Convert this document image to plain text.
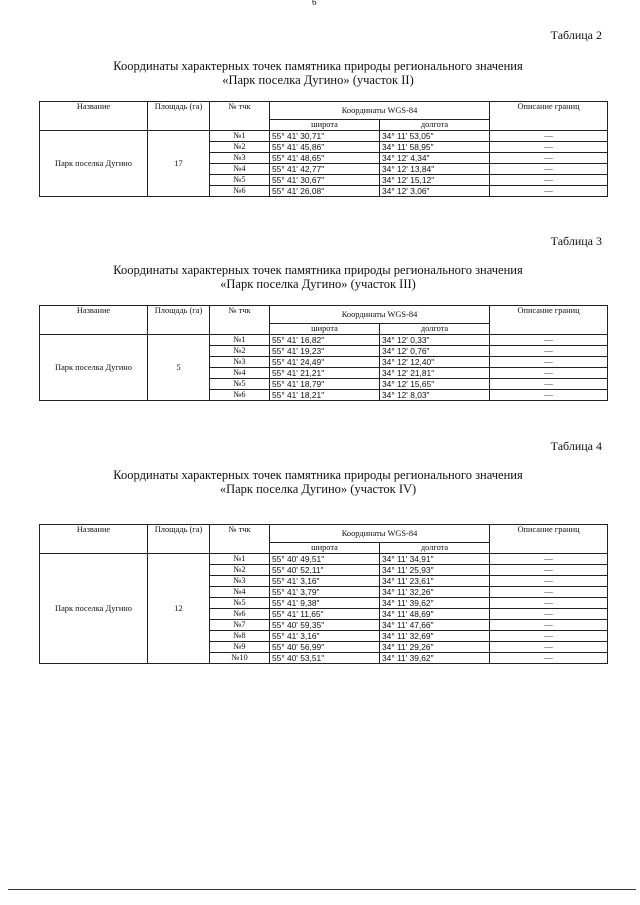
6
Таблица 2
Координаты характерных точек памятника природы регионального значения
«Парк поселка Дугино» (участок II)
Название	Площадь (га)	№ тчк	Координаты WGS-84		Описание границ
			широта	долгота	
Парк поселка Дугино	17	№1	55° 41' 30,71"	34° 11' 53,05"	—
		№2	55° 41' 45,86"	34° 11' 58,95"	—
		№3	55° 41' 48,65"	34° 12' 4,34"	—
		№4	55° 41' 42,77"	34° 12' 13,84"	—
		№5	55° 41' 30,67"	34° 12' 15,12"	—
		№6	55° 41' 26,08"	34° 12' 3,06"	—
Таблица 3
Координаты характерных точек памятника природы регионального значения
«Парк поселка Дугино» (участок III)
Название	Площадь (га)	№ тчк	Координаты WGS-84		Описание границ
			широта	долгота	
Парк поселка Дугино	5	№1	55° 41' 16,82"	34° 12' 0,33"	—
		№2	55° 41' 19,23"	34° 12' 0,76"	—
		№3	55° 41' 24,49"	34° 12' 12,40"	—
		№4	55° 41' 21,21"	34° 12' 21,81"	—
		№5	55° 41' 18,79"	34° 12' 15,65"	—
		№6	55° 41' 18,21"	34° 12' 8,03"	—
Таблица 4
Координаты характерных точек памятника природы регионального значения
«Парк поселка Дугино» (участок IV)
Название	Площадь (га)	№ тчк	Координаты WGS-84		Описание границ
			широта	долгота	
Парк поселка Дугино	12	№1	55° 40' 49,51"	34° 11' 34,91"	—
		№2	55° 40' 52,11"	34° 11' 25,93"	—
		№3	55° 41' 3,16"	34° 11' 23,61"	—
		№4	55° 41' 3,79"	34° 11' 32,26"	—
		№5	55° 41' 9,38"	34° 11' 39,62"	—
		№6	55° 41' 11,65"	34° 11' 48,69"	—
		№7	55° 40' 59,35"	34° 11' 47,66"	—
		№8	55° 41' 3,16"	34° 11' 32,69"	—
		№9	55° 40' 56,99"	34° 11' 29,26"	—
		№10	55° 40' 53,51"	34° 11' 39,62"	—
